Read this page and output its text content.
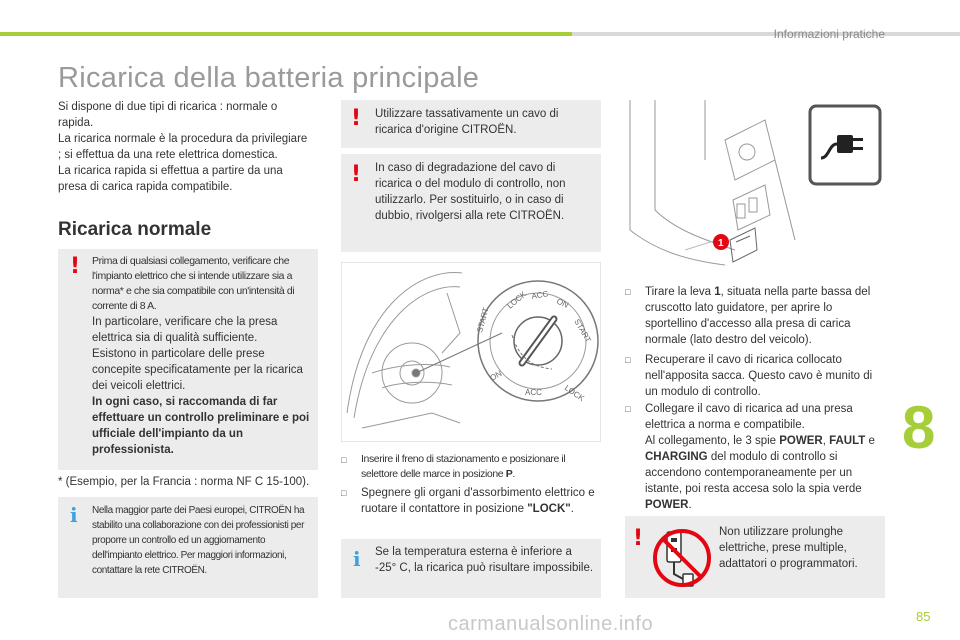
Informazioni pratiche
Ricarica della batteria principale

Si dispone di due tipi di ricarica : normale o rapida.

La ricarica normale è la procedura da privilegiare ; si effettua da una rete elettrica domestica.

La ricarica rapida si effettua a partire da una presa di carica rapida compatibile.

Ricarica normale
! Prima di qualsiasi collegamento, verificare che l'impianto elettrico che si intende utilizzare sia a norma* e che sia compatibile con un'intensità di corrente di 8 A.

In particolare, verificare che la presa elettrica sia di qualità sufficiente.

Esistono in particolare delle prese concepite specificatamente per la ricarica dei veicoli elettrici.

In ogni caso, si raccomanda di far effettuare un controllo preliminare e poi ufficiale dell'impianto da un professionista.

* (Esempio, per la Francia : norma NF C 15-100).
i Nella maggior parte dei Paesi europei, CITROËN ha stabilito una collaborazione con dei professionisti per proporre un controllo ed un aggiornamento dell'impianto elettrico. Per maggiori informazioni, contattare la rete CITROËN.
! Utilizzare tassativamente un cavo di ricarica d'origine CITROËN.
! In caso di degradazione del cavo di ricarica o del modulo di controllo, non utilizzarlo. Per sostituirlo, o in caso di dubbio, rivolgersi alla rete CITROËN.
LOCK ACC
ON
START
START
ON
ACC	LOCK
□ Inserire il freno di stazionamento e posizionare il selettore delle marce in posizione P.
□ Spegnere gli organi d'assorbimento elettrico e ruotare il contattore in posizione "LOCK".
i Se la temperatura esterna è inferiore a -25° C, la ricarica può risultare impossibile.
1
□ Tirare la leva 1, situata nella parte bassa del cruscotto lato guidatore, per aprire lo sportellino d'accesso alla presa di carica normale (lato destro del veicolo).
□ Recuperare il cavo di ricarica collocato nell'apposita sacca. Questo cavo è munito di un modulo di controllo.
□ Collegare il cavo di ricarica ad una presa elettrica a norma e compatibile.
Al collegamento, le 3 spie POWER, FAULT e CHARGING del modulo di controllo si accendono contemporaneamente per un istante, poi resta accesa solo la spia verde POWER.
!	Non utilizzare prolunghe elettriche, prese multiple, adattatori o programmatori.
8
85
carmanualsonline.info
